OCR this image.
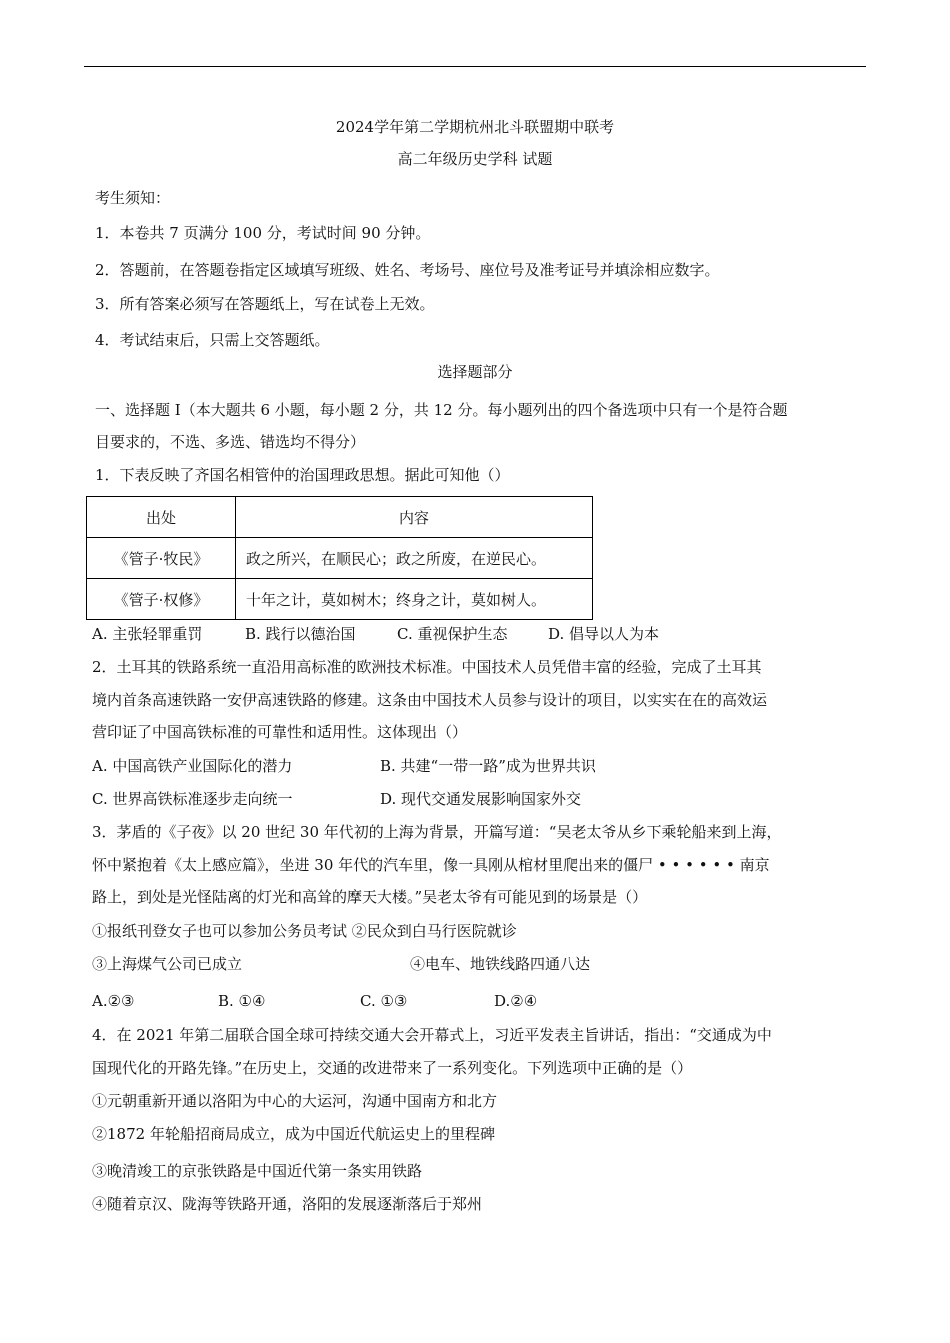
2024学年第二学期杭州北斗联盟期中联考
高二年级历史学科 试题
考生须知：
1．本卷共 7 页满分 100 分，考试时间 90 分钟。
2．答题前，在答题卷指定区域填写班级、姓名、考场号、座位号及准考证号并填涂相应数字。
3．所有答案必须写在答题纸上，写在试卷上无效。
4．考试结束后，只需上交答题纸。
选择题部分
一、选择题 I（本大题共 6 小题，每小题 2 分，共 12 分。每小题列出的四个备选项中只有一个是符合题
目要求的，不选、多选、错选均不得分）
1．下表反映了齐国名相管仲的治国理政思想。据此可知他（）
出处	内容
《管子·牧民》	政之所兴，在顺民心；政之所废，在逆民心。
《管子·权修》	十年之计，莫如树木；终身之计，莫如树人。
A. 主张轻罪重罚	B. 践行以德治国	C. 重视保护生态	D. 倡导以人为本
2．土耳其的铁路系统一直沿用高标准的欧洲技术标准。中国技术人员凭借丰富的经验，完成了土耳其
境内首条高速铁路一安伊高速铁路的修建。这条由中国技术人员参与设计的项目，以实实在在的高效运
营印证了中国高铁标准的可靠性和适用性。这体现出（）
A. 中国高铁产业国际化的潜力	B. 共建“一带一路”成为世界共识
C. 世界高铁标准逐步走向统一	D. 现代交通发展影响国家外交
3．茅盾的《子夜》以 20 世纪 30 年代初的上海为背景，开篇写道：“吴老太爷从乡下乘轮船来到上海，
怀中紧抱着《太上感应篇》，坐进 30 年代的汽车里，像一具刚从棺材里爬出来的僵尸 • • • • • • 南京
路上，到处是光怪陆离的灯光和高耸的摩天大楼。”吴老太爷有可能见到的场景是（）
①报纸刊登女子也可以参加公务员考试 ②民众到白马行医院就诊
③上海煤气公司已成立	④电车、地铁线路四通八达
A.②③	B. ①④	C. ①③	D.②④
4．在 2021 年第二届联合国全球可持续交通大会开幕式上，习近平发表主旨讲话，指出：“交通成为中
国现代化的开路先锋。”在历史上，交通的改进带来了一系列变化。下列选项中正确的是（）
①元朝重新开通以洛阳为中心的大运河，沟通中国南方和北方
②1872 年轮船招商局成立，成为中国近代航运史上的里程碑
③晚清竣工的京张铁路是中国近代第一条实用铁路
④随着京汉、陇海等铁路开通，洛阳的发展逐渐落后于郑州
